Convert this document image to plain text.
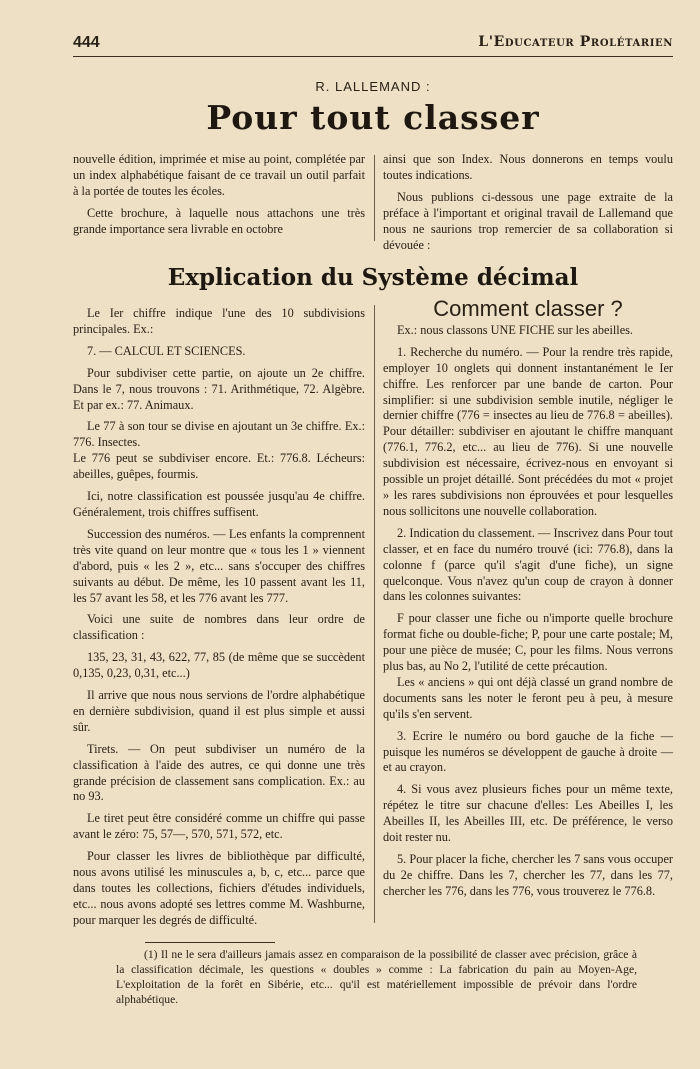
444	L'Educateur Prolétarien
R. LALLEMAND :
Pour tout classer

nouvelle édition, imprimée et mise au point, complétée par un index alphabétique faisant de ce travail un outil parfait à la portée de toutes les écoles.

Cette brochure, à laquelle nous attachons une très grande importance sera livrable en octobre

ainsi que son Index. Nous donnerons en temps voulu toutes indications.

Nous publions ci-dessous une page extraite de la préface à l'important et original travail de Lallemand que nous ne saurions trop remercier de sa collaboration si dévouée :

Explication du Système décimal

Le Ier chiffre indique l'une des 10 subdivisions principales. Ex.:

7. — CALCUL ET SCIENCES.

Pour subdiviser cette partie, on ajoute un 2e chiffre. Dans le 7, nous trouvons : 71. Arithmétique, 72. Algèbre. Et par ex.: 77. Animaux.

Le 77 à son tour se divise en ajoutant un 3e chiffre. Ex.: 776. Insectes.

Le 776 peut se subdiviser encore. Et.: 776.8. Lécheurs: abeilles, guêpes, fourmis.

Ici, notre classification est poussée jusqu'au 4e chiffre. Généralement, trois chiffres suffisent.

Succession des numéros. — Les enfants la comprennent très vite quand on leur montre que « tous les 1 » viennent d'abord, puis « les 2 », etc... sans s'occuper des chiffres suivants au début. De même, les 10 passent avant les 11, les 57 avant les 58, et les 776 avant les 777.

Voici une suite de nombres dans leur ordre de classification :

135, 23, 31, 43, 622, 77, 85 (de même que se succèdent 0,135, 0,23, 0,31, etc...)

Il arrive que nous nous servions de l'ordre alphabétique en dernière subdivision, quand il est plus simple et aussi sûr.

Tirets. — On peut subdiviser un numéro de la classification à l'aide des autres, ce qui donne une très grande précision de classement sans complication. Ex.: au no 93.

Le tiret peut être considéré comme un chiffre qui passe avant le zéro: 75, 57—, 570, 571, 572, etc.

Pour classer les livres de bibliothèque par difficulté, nous avons utilisé les minuscules a, b, c, etc... parce que dans toutes les collections, fichiers d'études individuels, etc... nous avons adopté ses lettres comme M. Washburne, pour marquer les degrés de difficulté.

Comment classer ?

Ex.: nous classons UNE FICHE sur les abeilles.

1. Recherche du numéro. — Pour la rendre très rapide, employer 10 onglets qui donnent instantanément le Ier chiffre. Les renforcer par une bande de carton. Pour simplifier: si une subdivision semble inutile, négliger le dernier chiffre (776 = insectes au lieu de 776.8 = abeilles). Pour détailler: subdiviser en ajoutant le chiffre manquant (776.1, 776.2, etc... au lieu de 776). Si une nouvelle subdivision est nécessaire, écrivez-nous en envoyant si possible un projet détaillé. Sont précédées du mot « projet » les rares subdivisions non éprouvées et pour lesquelles nous sollicitons une nouvelle collaboration.

2. Indication du classement. — Inscrivez dans Pour tout classer, et en face du numéro trouvé (ici: 776.8), dans la colonne f (parce qu'il s'agit d'une fiche), un signe quelconque. Vous n'avez qu'un coup de crayon à donner dans les colonnes suivantes:

F pour classer une fiche ou n'importe quelle brochure format fiche ou double-fiche; P, pour une carte postale; M, pour une pièce de musée; C, pour les films. Nous verrons plus bas, au No 2, l'utilité de cette précaution.

Les « anciens » qui ont déjà classé un grand nombre de documents sans les noter le feront peu à peu, à mesure qu'ils s'en servent.

3. Ecrire le numéro ou bord gauche de la fiche — puisque les numéros se développent de gauche à droite — et au crayon.

4. Si vous avez plusieurs fiches pour un même texte, répétez le titre sur chacune d'elles: Les Abeilles I, les Abeilles II, les Abeilles III, etc. De préférence, le verso doit rester nu.

5. Pour placer la fiche, chercher les 7 sans vous occuper du 2e chiffre. Dans les 7, chercher les 77, dans les 77, chercher les 776, dans les 776, vous trouverez le 776.8.

(1) Il ne le sera d'ailleurs jamais assez en comparaison de la possibilité de classer avec précision, grâce à la classification décimale, les questions « doubles » comme : La fabrication du pain au Moyen-Age, L'exploitation de la forêt en Sibérie, etc... qu'il est matériellement impossible de prévoir dans l'ordre alphabétique.
